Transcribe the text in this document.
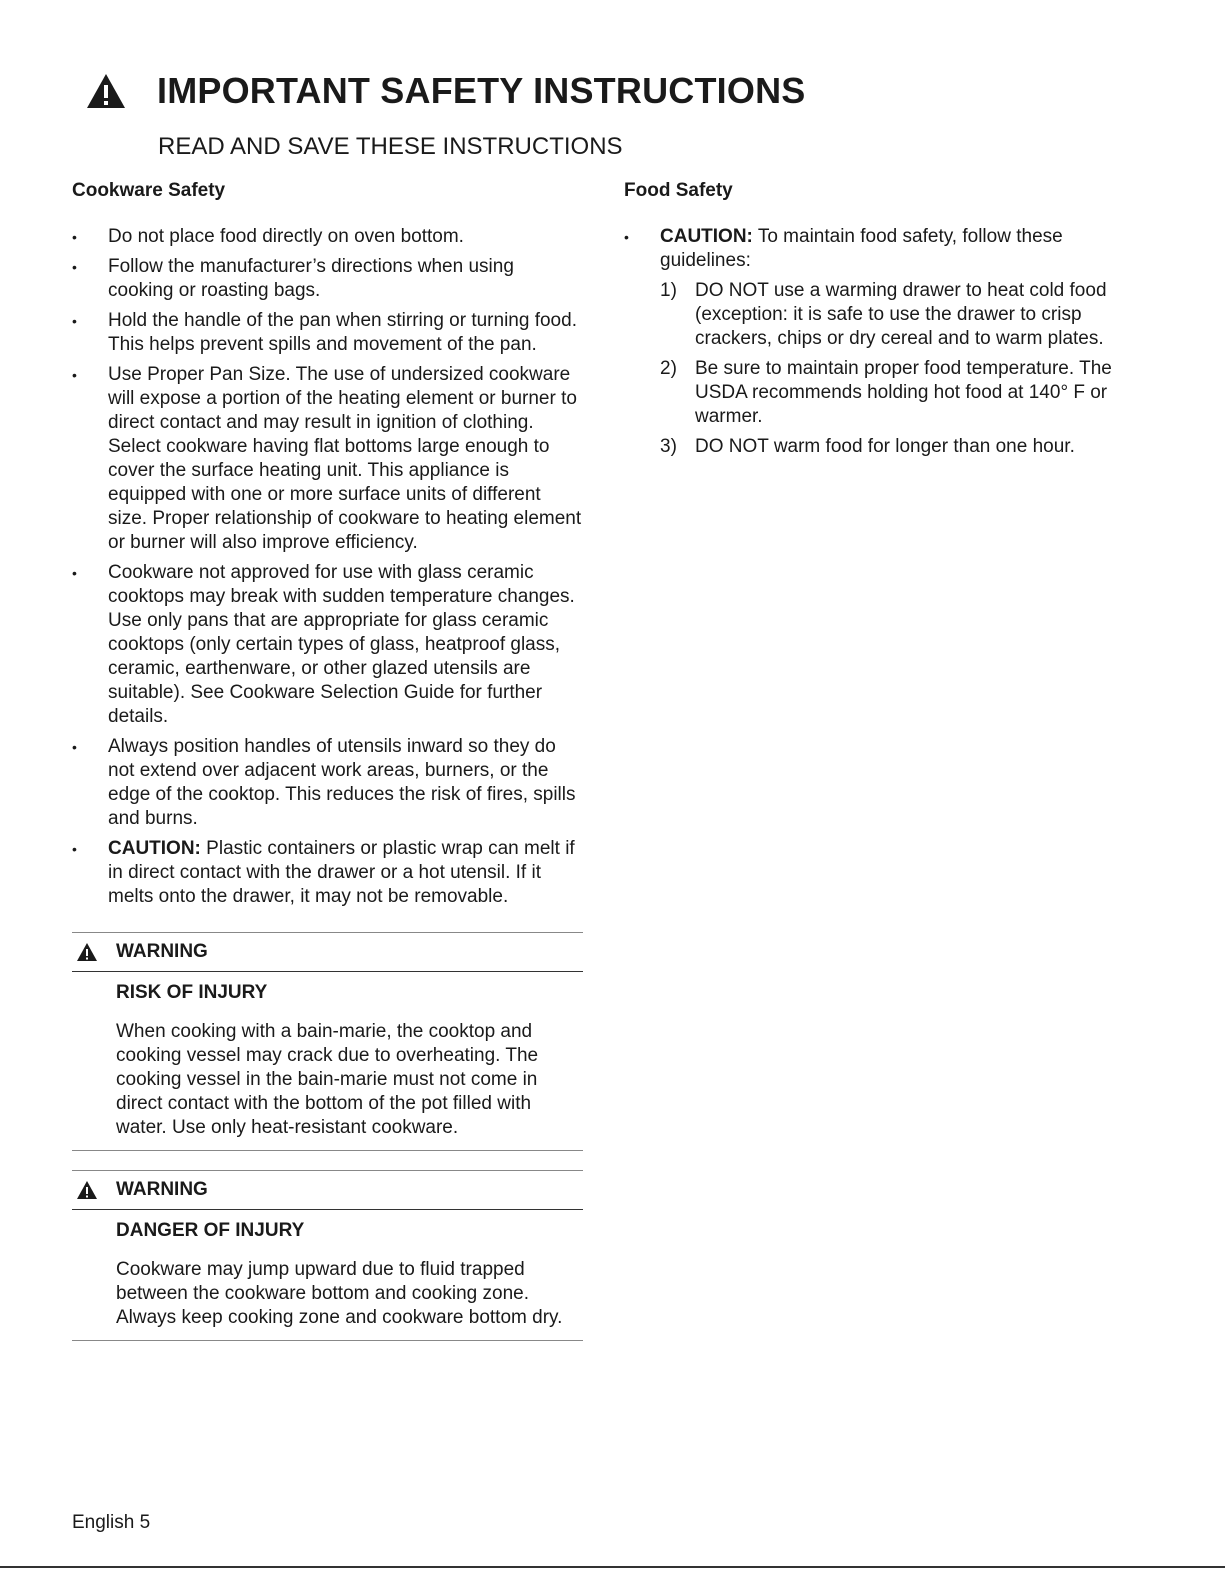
IMPORTANT SAFETY INSTRUCTIONS
READ AND SAVE THESE INSTRUCTIONS
Cookware Safety
• Do not place food directly on oven bottom.
• Follow the manufacturer’s directions when using cooking or roasting bags.
• Hold the handle of the pan when stirring or turning food. This helps prevent spills and movement of the pan.
• Use Proper Pan Size. The use of undersized cookware will expose a portion of the heating element or burner to direct contact and may result in ignition of clothing. Select cookware having flat bottoms large enough to cover the surface heating unit. This appliance is equipped with one or more surface units of different size. Proper relationship of cookware to heating element or burner will also improve efficiency.
• Cookware not approved for use with glass ceramic cooktops may break with sudden temperature changes. Use only pans that are appropriate for glass ceramic cooktops (only certain types of glass, heatproof glass, ceramic, earthenware, or other glazed utensils are suitable). See Cookware Selection Guide for further details.
• Always position handles of utensils inward so they do not extend over adjacent work areas, burners, or the edge of the cooktop. This reduces the risk of fires, spills and burns.
• CAUTION: Plastic containers or plastic wrap can melt if in direct contact with the drawer or a hot utensil. If it melts onto the drawer, it may not be removable.
Food Safety
• CAUTION: To maintain food safety, follow these guidelines:
1) DO NOT use a warming drawer to heat cold food (exception: it is safe to use the drawer to crisp crackers, chips or dry cereal and to warm plates.
2) Be sure to maintain proper food temperature. The USDA recommends holding hot food at 140° F or warmer.
3) DO NOT warm food for longer than one hour.
WARNING
RISK OF INJURY
When cooking with a bain-marie, the cooktop and cooking vessel may crack due to overheating. The cooking vessel in the bain-marie must not come in direct contact with the bottom of the pot filled with water. Use only heat-resistant cookware.
WARNING
DANGER OF INJURY
Cookware may jump upward due to fluid trapped between the cookware bottom and cooking zone. Always keep cooking zone and cookware bottom dry.
English 5
